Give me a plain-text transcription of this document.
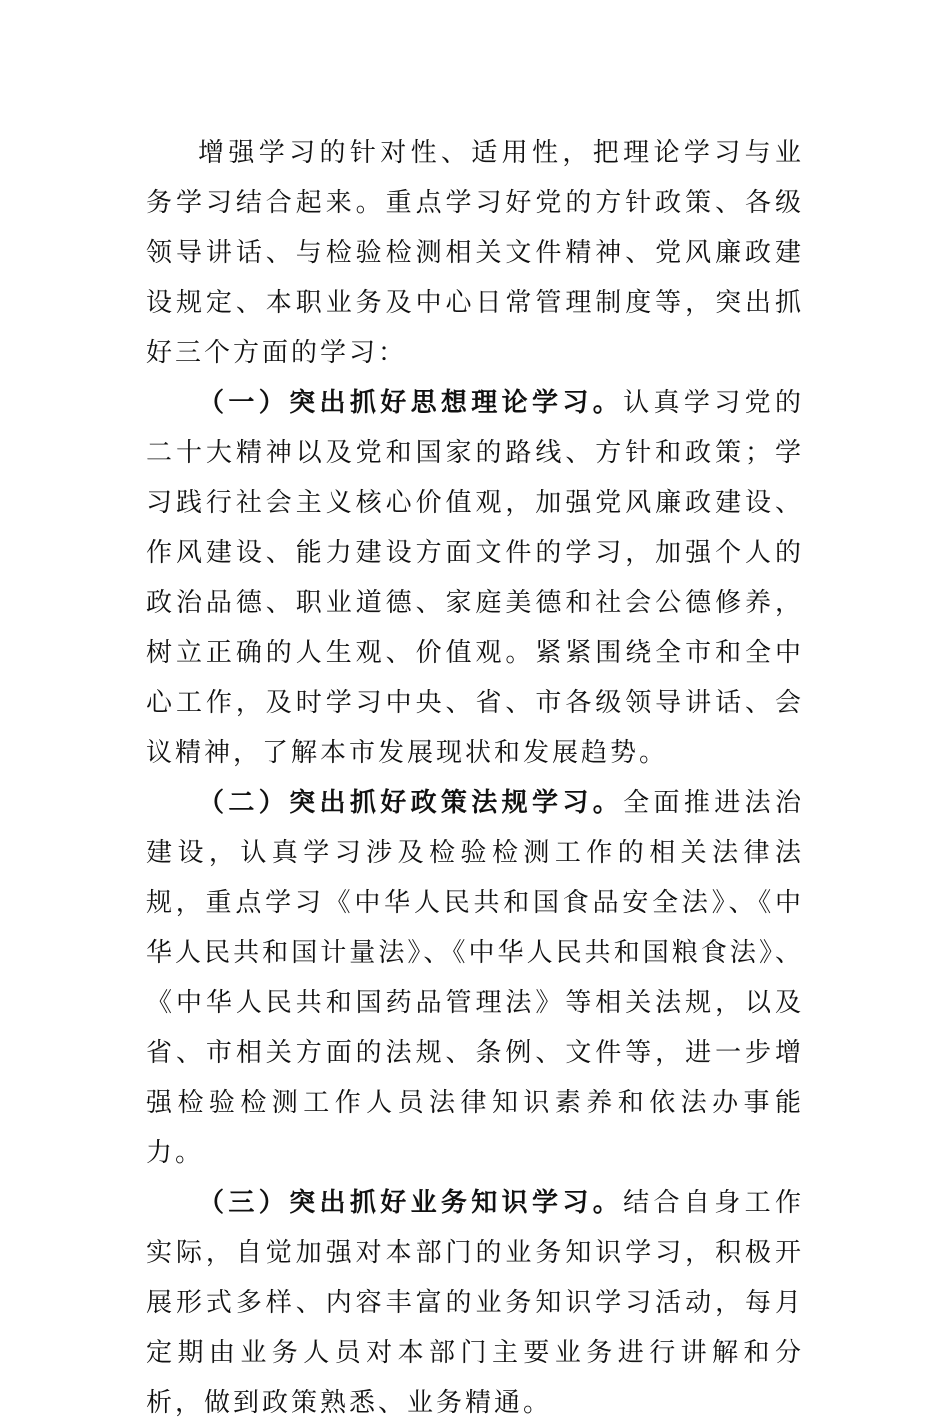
增强学习的针对性、适用性，把理论学习与业务学习结合起来。重点学习好党的方针政策、各级领导讲话、与检验检测相关文件精神、党风廉政建设规定、本职业务及中心日常管理制度等，突出抓好三个方面的学习：

（一）突出抓好思想理论学习。认真学习党的二十大精神以及党和国家的路线、方针和政策；学习践行社会主义核心价值观，加强党风廉政建设、作风建设、能力建设方面文件的学习，加强个人的政治品德、职业道德、家庭美德和社会公德修养，树立正确的人生观、价值观。紧紧围绕全市和全中心工作，及时学习中央、省、市各级领导讲话、会议精神，了解本市发展现状和发展趋势。

（二）突出抓好政策法规学习。全面推进法治建设，认真学习涉及检验检测工作的相关法律法规，重点学习《中华人民共和国食品安全法》、《中华人民共和国计量法》、《中华人民共和国粮食法》、《中华人民共和国药品管理法》等相关法规，以及省、市相关方面的法规、条例、文件等，进一步增强检验检测工作人员法律知识素养和依法办事能力。

（三）突出抓好业务知识学习。结合自身工作实际，自觉加强对本部门的业务知识学习，积极开展形式多样、内容丰富的业务知识学习活动，每月定期由业务人员对本部门主要业务进行讲解和分析，做到政策熟悉、业务精通。
